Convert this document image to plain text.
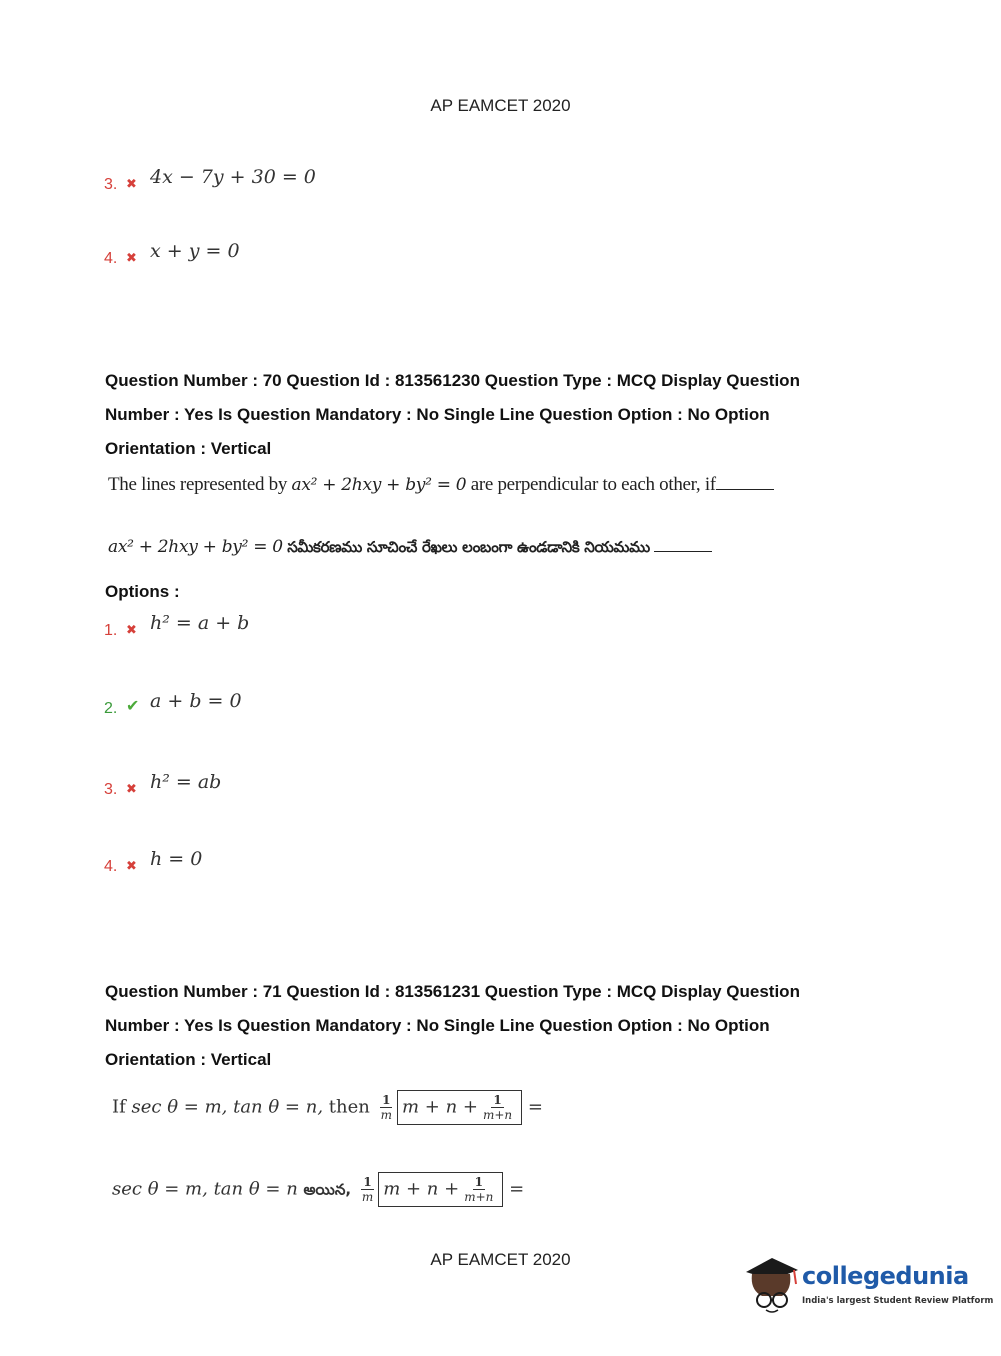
AP EAMCET 2020
3. ✖ 4x − 7y + 30 = 0
4. ✖ x + y = 0
Question Number : 70 Question Id : 813561230 Question Type : MCQ Display Question
Number : Yes Is Question Mandatory : No Single Line Question Option : No Option
Orientation : Vertical
The lines represented by ax² + 2hxy + by² = 0 are perpendicular to each other, if
ax² + 2hxy + by² = 0 సమీకరణము సూచించే రేఖలు లంబంగా ఉండడానికి నియమము
Options :
1. ✖ h² = a + b
2. ✔ a + b = 0
3. ✖ h² = ab
4. ✖ h = 0
Question Number : 71 Question Id : 813561231 Question Type : MCQ Display Question
Number : Yes Is Question Mandatory : No Single Line Question Option : No Option
Orientation : Vertical
If sec θ = m, tan θ = n, then $\frac{1}{m}$ $m + n + \frac{1}{m+n}$ =
sec θ = m, tan θ = n అయిన, $\frac{1}{m}$ $m + n + \frac{1}{m+n}$ =
AP EAMCET 2020
collegedunia
India's largest Student Review Platform
